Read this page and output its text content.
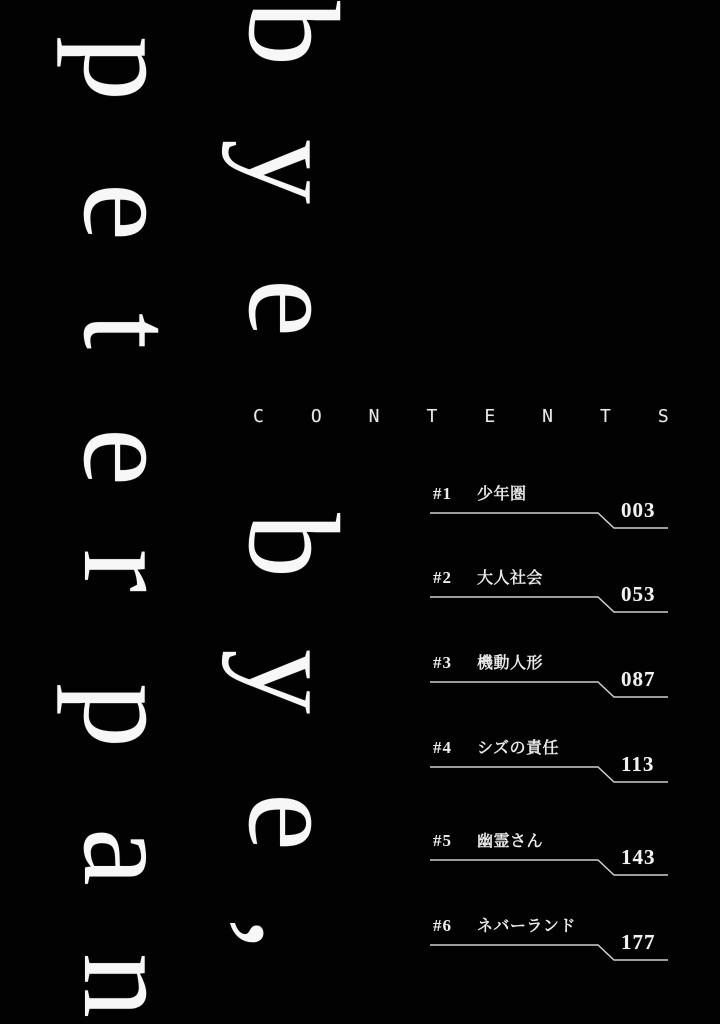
p
e
t
e
r
p
a
n
b
y
e
b
y
e
,
CONTENTS
#1 少年圏
003
#2 大人社会
053
#3 機動人形
087
#4 シズの責任
113
#5 幽霊さん
143
#6 ネバーランド
177
